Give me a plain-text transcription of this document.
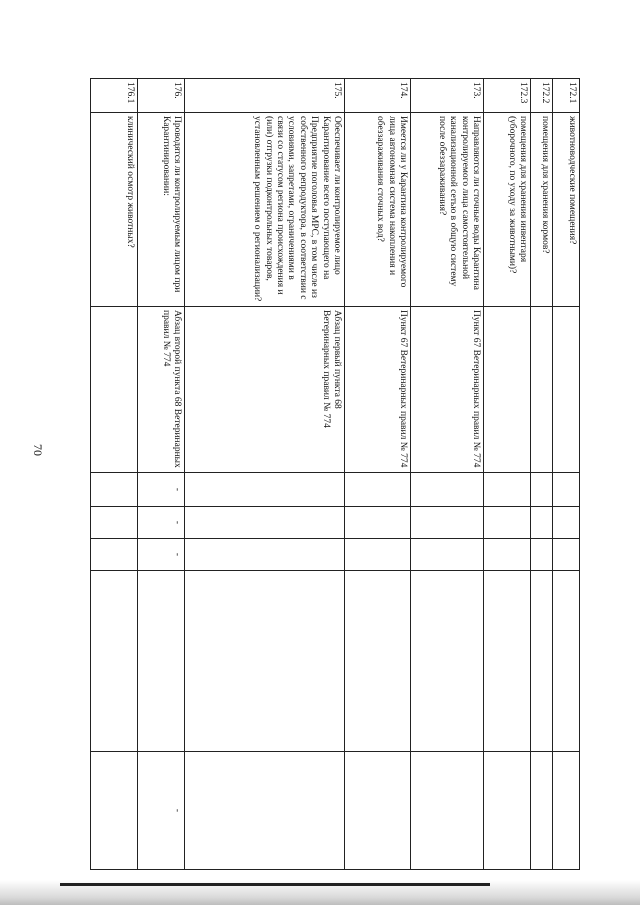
70
172.1	животноводческие помещения?						
172.2	помещения для хранения кормов?						
172.3	помещения для хранения инвентаря (уборочного, по уходу за животными)?						
173.	Направляются ли сточные воды Карантина контролируемого лица самостоятельной канализационной сетью в общую систему после обеззараживания?	Пункт 67 Ветеринарных правил № 774					
174.	Имеется ли у Карантина контролируемого лица автономная система накопления и обеззараживания сточных вод?	Пункт 67 Ветеринарных правил № 774					
175.	Обеспечивает ли контролируемое лицо Карантирование всего поступающего на Предприятие поголовья МРС, в том числе из собственного репродуктора, в соответствии с условиями, запретами, ограничениями в связи со статусом региона происхождения и (или) отгрузки подконтрольных товаров, установленным решением о регионализации?	Абзац первый пункта 68 Ветеринарных правил № 774					
176.	Проводятся ли контролируемым лицом при Карантинировании:	Абзац второй пункта 68 Ветеринарных правил № 774	-	-	-		-
176.1	клинический осмотр животных?						
